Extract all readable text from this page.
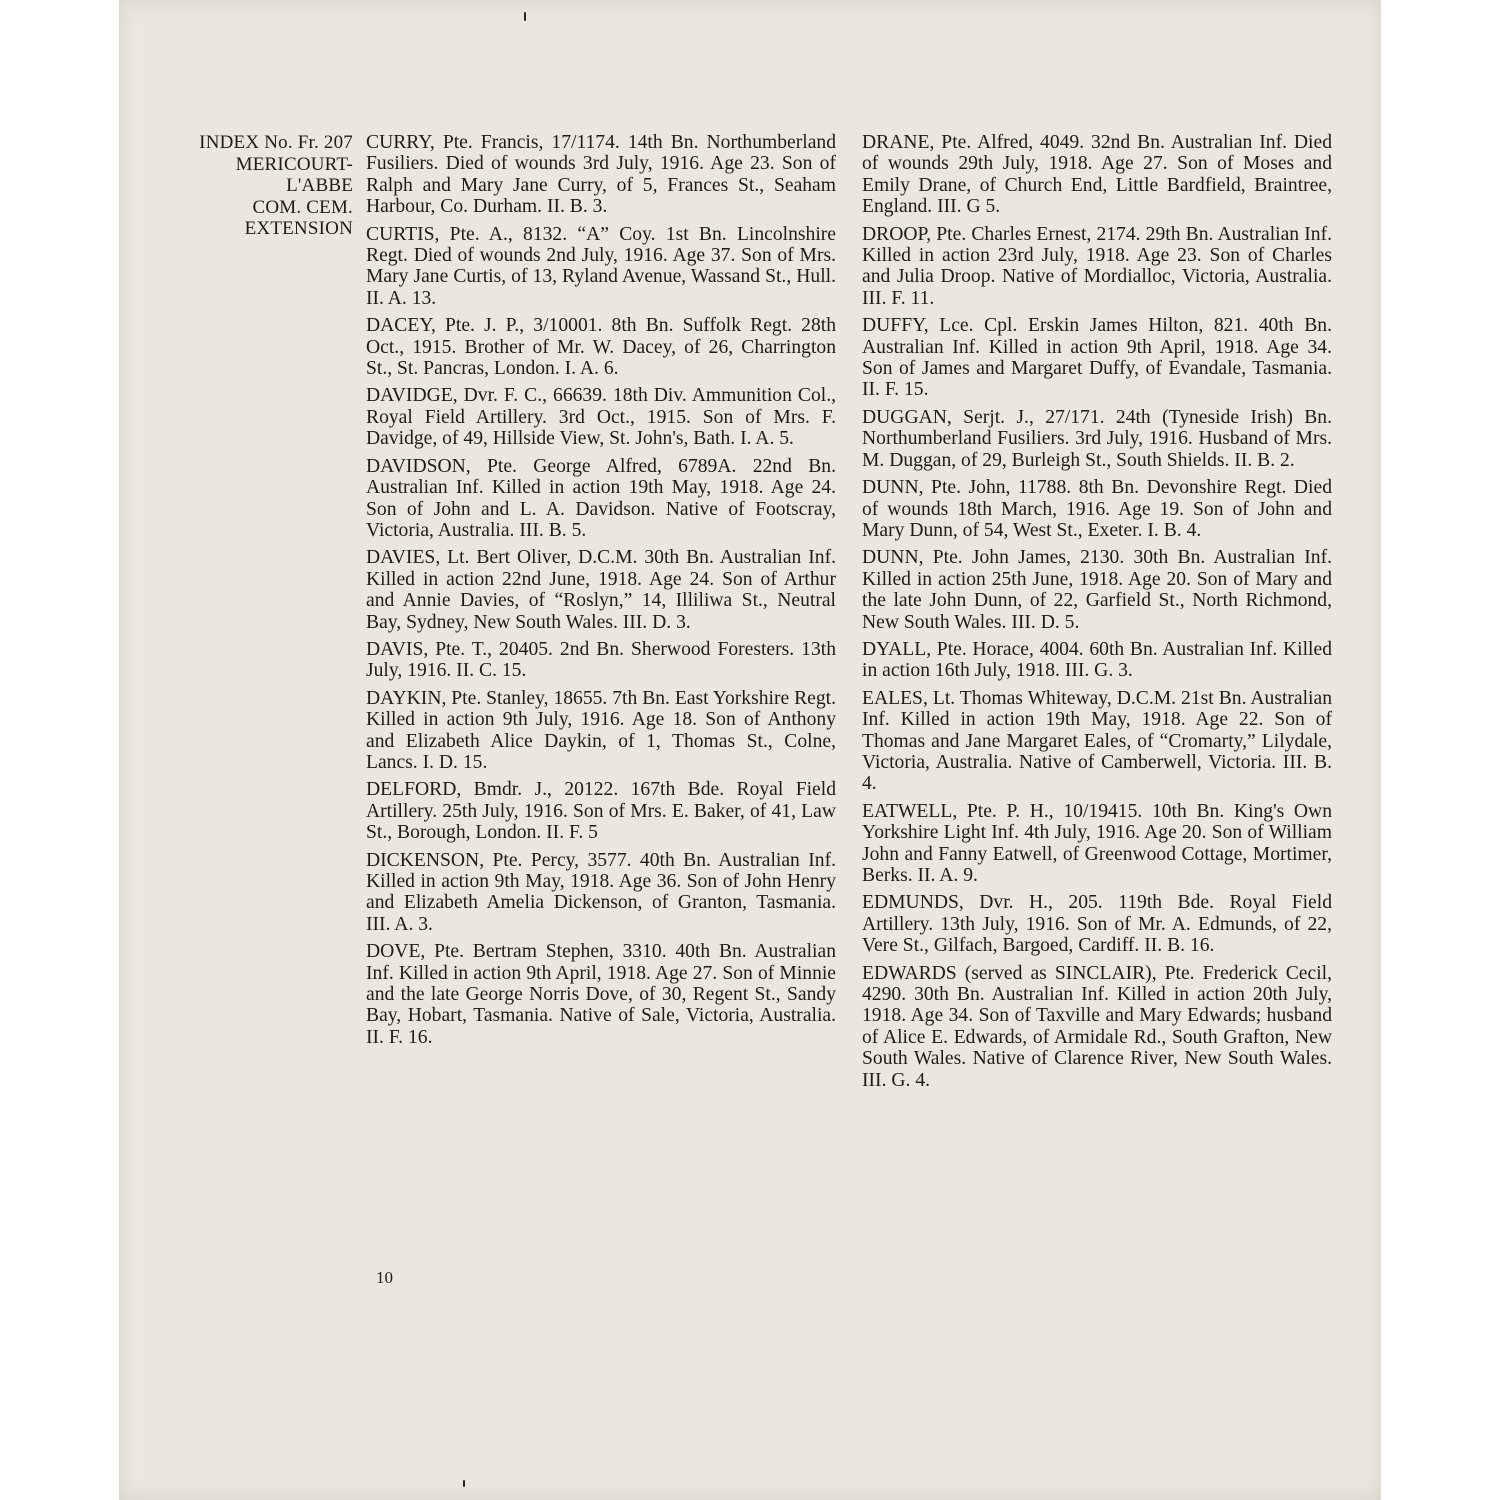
INDEX No. Fr. 207
MERICOURT-
L'ABBE
COM. CEM.
EXTENSION

CURRY, Pte. Francis, 17/1174. 14th Bn. Northumberland Fusiliers. Died of wounds 3rd July, 1916. Age 23. Son of Ralph and Mary Jane Curry, of 5, Frances St., Seaham Harbour, Co. Durham. II. B. 3.

CURTIS, Pte. A., 8132. “A” Coy. 1st Bn. Lincolnshire Regt. Died of wounds 2nd July, 1916. Age 37. Son of Mrs. Mary Jane Curtis, of 13, Ryland Avenue, Wassand St., Hull. II. A. 13.

DACEY, Pte. J. P., 3/10001. 8th Bn. Suffolk Regt. 28th Oct., 1915. Brother of Mr. W. Dacey, of 26, Charrington St., St. Pancras, London. I. A. 6.

DAVIDGE, Dvr. F. C., 66639. 18th Div. Ammunition Col., Royal Field Artillery. 3rd Oct., 1915. Son of Mrs. F. Davidge, of 49, Hillside View, St. John's, Bath. I. A. 5.

DAVIDSON, Pte. George Alfred, 6789A. 22nd Bn. Australian Inf. Killed in action 19th May, 1918. Age 24. Son of John and L. A. Davidson. Native of Footscray, Victoria, Australia. III. B. 5.

DAVIES, Lt. Bert Oliver, D.C.M. 30th Bn. Australian Inf. Killed in action 22nd June, 1918. Age 24. Son of Arthur and Annie Davies, of “Roslyn,” 14, Illiliwa St., Neutral Bay, Sydney, New South Wales. III. D. 3.

DAVIS, Pte. T., 20405. 2nd Bn. Sherwood Foresters. 13th July, 1916. II. C. 15.

DAYKIN, Pte. Stanley, 18655. 7th Bn. East Yorkshire Regt. Killed in action 9th July, 1916. Age 18. Son of Anthony and Elizabeth Alice Daykin, of 1, Thomas St., Colne, Lancs. I. D. 15.

DELFORD, Bmdr. J., 20122. 167th Bde. Royal Field Artillery. 25th July, 1916. Son of Mrs. E. Baker, of 41, Law St., Borough, London. II. F. 5

DICKENSON, Pte. Percy, 3577. 40th Bn. Australian Inf. Killed in action 9th May, 1918. Age 36. Son of John Henry and Elizabeth Amelia Dickenson, of Granton, Tasmania. III. A. 3.

DOVE, Pte. Bertram Stephen, 3310. 40th Bn. Australian Inf. Killed in action 9th April, 1918. Age 27. Son of Minnie and the late George Norris Dove, of 30, Regent St., Sandy Bay, Hobart, Tasmania. Native of Sale, Victoria, Australia. II. F. 16.

DRANE, Pte. Alfred, 4049. 32nd Bn. Australian Inf. Died of wounds 29th July, 1918. Age 27. Son of Moses and Emily Drane, of Church End, Little Bardfield, Braintree, England. III. G 5.

DROOP, Pte. Charles Ernest, 2174. 29th Bn. Australian Inf. Killed in action 23rd July, 1918. Age 23. Son of Charles and Julia Droop. Native of Mordialloc, Victoria, Australia. III. F. 11.

DUFFY, Lce. Cpl. Erskin James Hilton, 821. 40th Bn. Australian Inf. Killed in action 9th April, 1918. Age 34. Son of James and Margaret Duffy, of Evandale, Tasmania. II. F. 15.

DUGGAN, Serjt. J., 27/171. 24th (Tyneside Irish) Bn. Northumberland Fusiliers. 3rd July, 1916. Husband of Mrs. M. Duggan, of 29, Burleigh St., South Shields. II. B. 2.

DUNN, Pte. John, 11788. 8th Bn. Devonshire Regt. Died of wounds 18th March, 1916. Age 19. Son of John and Mary Dunn, of 54, West St., Exeter. I. B. 4.

DUNN, Pte. John James, 2130. 30th Bn. Australian Inf. Killed in action 25th June, 1918. Age 20. Son of Mary and the late John Dunn, of 22, Garfield St., North Richmond, New South Wales. III. D. 5.

DYALL, Pte. Horace, 4004. 60th Bn. Australian Inf. Killed in action 16th July, 1918. III. G. 3.

EALES, Lt. Thomas Whiteway, D.C.M. 21st Bn. Australian Inf. Killed in action 19th May, 1918. Age 22. Son of Thomas and Jane Margaret Eales, of “Cromarty,” Lilydale, Victoria, Australia. Native of Camberwell, Victoria. III. B. 4.

EATWELL, Pte. P. H., 10/19415. 10th Bn. King's Own Yorkshire Light Inf. 4th July, 1916. Age 20. Son of William John and Fanny Eatwell, of Greenwood Cottage, Mortimer, Berks. II. A. 9.

EDMUNDS, Dvr. H., 205. 119th Bde. Royal Field Artillery. 13th July, 1916. Son of Mr. A. Edmunds, of 22, Vere St., Gilfach, Bargoed, Cardiff. II. B. 16.

EDWARDS (served as SINCLAIR), Pte. Frederick Cecil, 4290. 30th Bn. Australian Inf. Killed in action 20th July, 1918. Age 34. Son of Taxville and Mary Edwards; husband of Alice E. Edwards, of Armidale Rd., South Grafton, New South Wales. Native of Clarence River, New South Wales. III. G. 4.

10
